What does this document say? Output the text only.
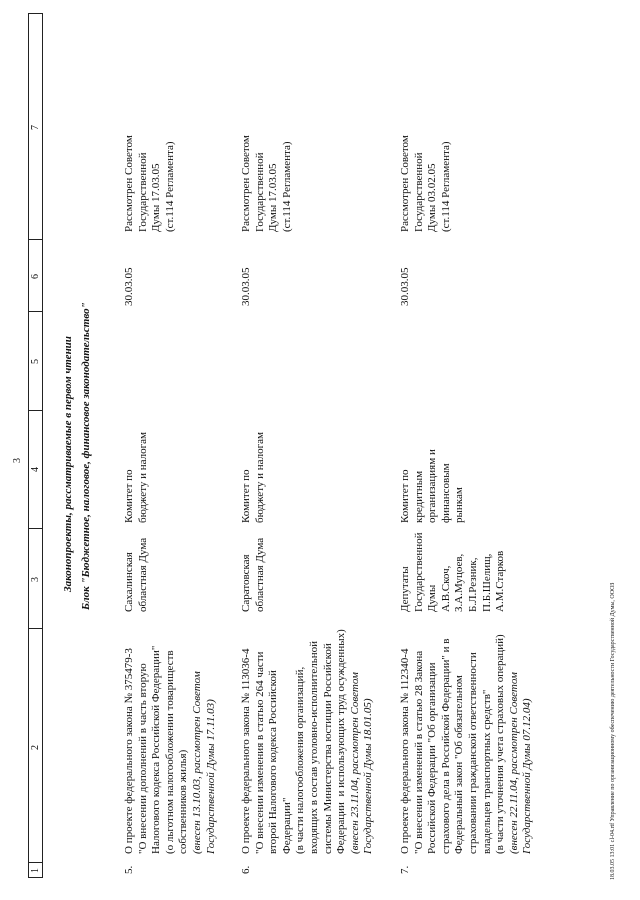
3
1
2
3
4
5
6
7
Законопроекты, рассматриваемые в первом чтении Блок "Бюджетное, налоговое, финансовое законодательство"
5.
О проекте федерального закона № 375479-3 "О внесении дополнений в часть вторую Налогового кодекса Российской Федерации" (о льготном налогообложении товариществ собственников жилья) (внесен 13.10.03, рассмотрен Советом Государственной Думы 17.11.03)
Сахалинская областная Дума
Комитет по бюджету и налогам
30.03.05
Рассмотрен Советом Государственной Думы 17.03.05 (ст.114 Регламента)
6.
О проекте федерального закона № 113036-4 "О внесении изменения в статью 264 части второй Налогового кодекса Российской Федерации" (в части налогообложения организаций, входящих в состав уголовно-исполнительной системы Министерства юстиции Российской Федерации  и использующих труд осужденных) (внесен 23.11.04, рассмотрен Советом Государственной Думы 18.01.05)
Саратовская областная Дума
Комитет по бюджету и налогам
30.03.05
Рассмотрен Советом Государственной Думы 17.03.05 (ст.114 Регламента)
7.
О проекте федерального закона № 112340-4 "О внесении изменений в статью 28 Закона Российской Федерации "Об организации страхового дела в Российской Федерации" и в Федеральный закон "Об обязательном страховании гражданской ответственности владельцев транспортных средств" (в части уточнения учета страховых операций) (внесен 22.11.04, рассмотрен Советом Государственной Думы 07.12.04)
Депутаты Государственной Думы А.В.Скоч, З.А.Муцоев, Б.Л.Резник, П.Б.Шелищ, А.М.Старков
Комитет по кредитным организациям и финансовым рынкам
30.03.05
Рассмотрен Советом Государственной Думы 03.02.05 (ст.114 Регламента)
18.03.05 13:01 cl-04.rtf Управление по организационному обеспечению деятельности Государственной Думы, ОООЗ
